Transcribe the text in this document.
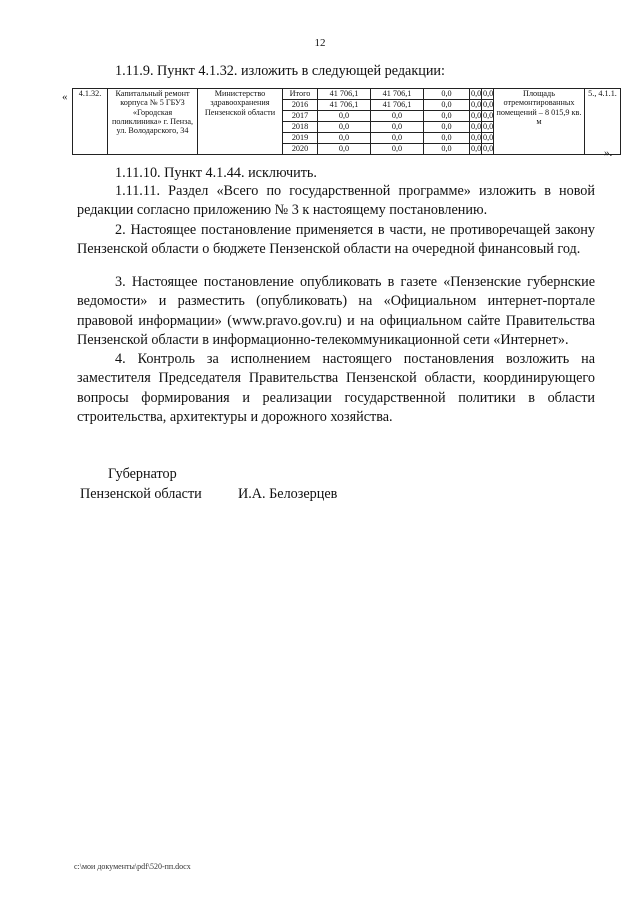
12

1.11.9. Пункт 4.1.32. изложить в следующей редакции:

« 4.1.32.	Капитальный ремонт корпуса № 5 ГБУЗ «Городская поликлиника» г. Пенза, ул. Володарского, 34	Министерство здравоохранения Пензенской области	Итого	41 706,1	41 706,1	0,0	0,0	0,0	Площадь отремонтированных помещений – 8 015,9 кв. м	5., 4.1.1.
			2016	41 706,1	41 706,1	0,0	0,0	0,0		
			2017	0,0	0,0	0,0	0,0	0,0		
			2018	0,0	0,0	0,0	0,0	0,0		
			2019	0,0	0,0	0,0	0,0	0,0		
			2020	0,0	0,0	0,0	0,0	0,0			».

1.11.10. Пункт 4.1.44. исключить.

1.11.11. Раздел «Всего по государственной программе» изложить в новой редакции согласно приложению № 3 к настоящему постановлению.

2. Настоящее постановление применяется в части, не противоречащей закону Пензенской области о бюджете Пензенской области на очередной финансовый год.

3. Настоящее постановление опубликовать в газете «Пензенские губернские ведомости» и разместить (опубликовать) на «Официальном интернет-портале правовой информации» (www.pravo.gov.ru) и на официальном сайте Правительства Пензенской области в информационно-телекоммуникационной сети «Интернет».

4. Контроль за исполнением настоящего постановления возложить на заместителя Председателя Правительства Пензенской области, координирующего вопросы формирования и реализации государственной политики в области строительства, архитектуры и дорожного хозяйства.

Губернатор
Пензенской области	И.А. Белозерцев
c:\мои документы\pdf\520-пп.docx
